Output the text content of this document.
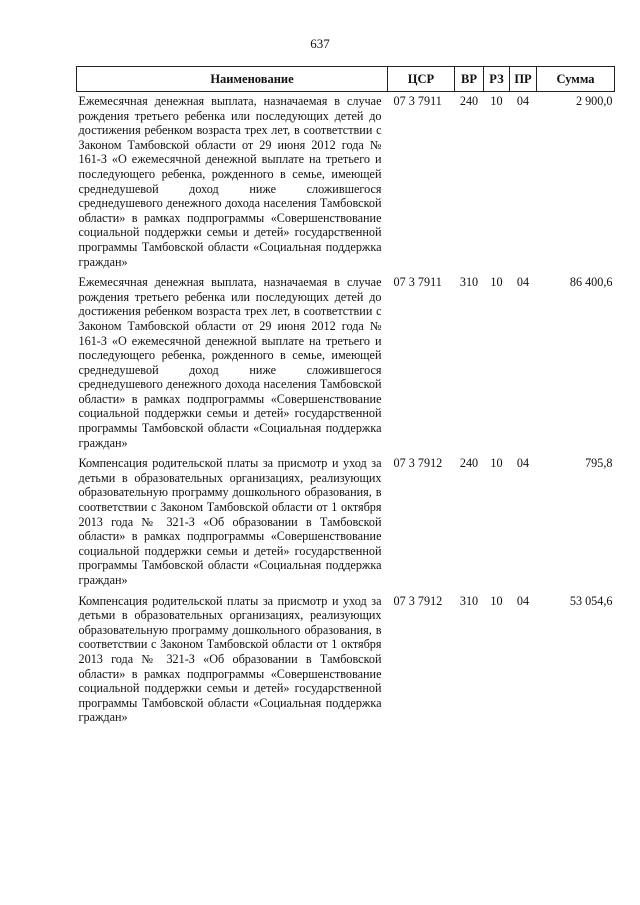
637
Наименование	ЦСР	ВР	РЗ	ПР	Сумма
Ежемесячная денежная выплата, назначаемая в случае рождения третьего ребенка или последующих детей до достижения ребенком возраста трех лет, в соответствии с Законом Тамбовской области от 29 июня 2012 года № 161-З «О ежемесячной денежной выплате на третьего и последующего ребенка, рожденного в семье, имеющей среднедушевой доход ниже сложившегося среднедушевого денежного дохода населения Тамбовской области» в рамках подпрограммы «Совершенствование социальной поддержки семьи и детей» государственной программы Тамбовской области «Социальная поддержка граждан»	07 3 7911	240	10	04	2 900,0
Ежемесячная денежная выплата, назначаемая в случае рождения третьего ребенка или последующих детей до достижения ребенком возраста трех лет, в соответствии с Законом Тамбовской области от 29 июня 2012 года № 161-З «О ежемесячной денежной выплате на третьего и последующего ребенка, рожденного в семье, имеющей среднедушевой доход ниже сложившегося среднедушевого денежного дохода населения Тамбовской области» в рамках подпрограммы «Совершенствование социальной поддержки семьи и детей» государственной программы Тамбовской области «Социальная поддержка граждан»	07 3 7911	310	10	04	86 400,6
Компенсация родительской платы за присмотр и уход за детьми в образовательных организациях, реализующих образовательную программу дошкольного образования, в соответствии с Законом Тамбовской области от 1 октября 2013 года № 321-З «Об образовании в Тамбовской области» в рамках подпрограммы «Совершенствование социальной поддержки семьи и детей» государственной программы Тамбовской области «Социальная поддержка граждан»	07 3 7912	240	10	04	795,8
Компенсация родительской платы за присмотр и уход за детьми в образовательных организациях, реализующих образовательную программу дошкольного образования, в соответствии с Законом Тамбовской области от 1 октября 2013 года № 321-З «Об образовании в Тамбовской области» в рамках подпрограммы «Совершенствование социальной поддержки семьи и детей» государственной программы Тамбовской области «Социальная поддержка граждан»	07 3 7912	310	10	04	53 054,6
